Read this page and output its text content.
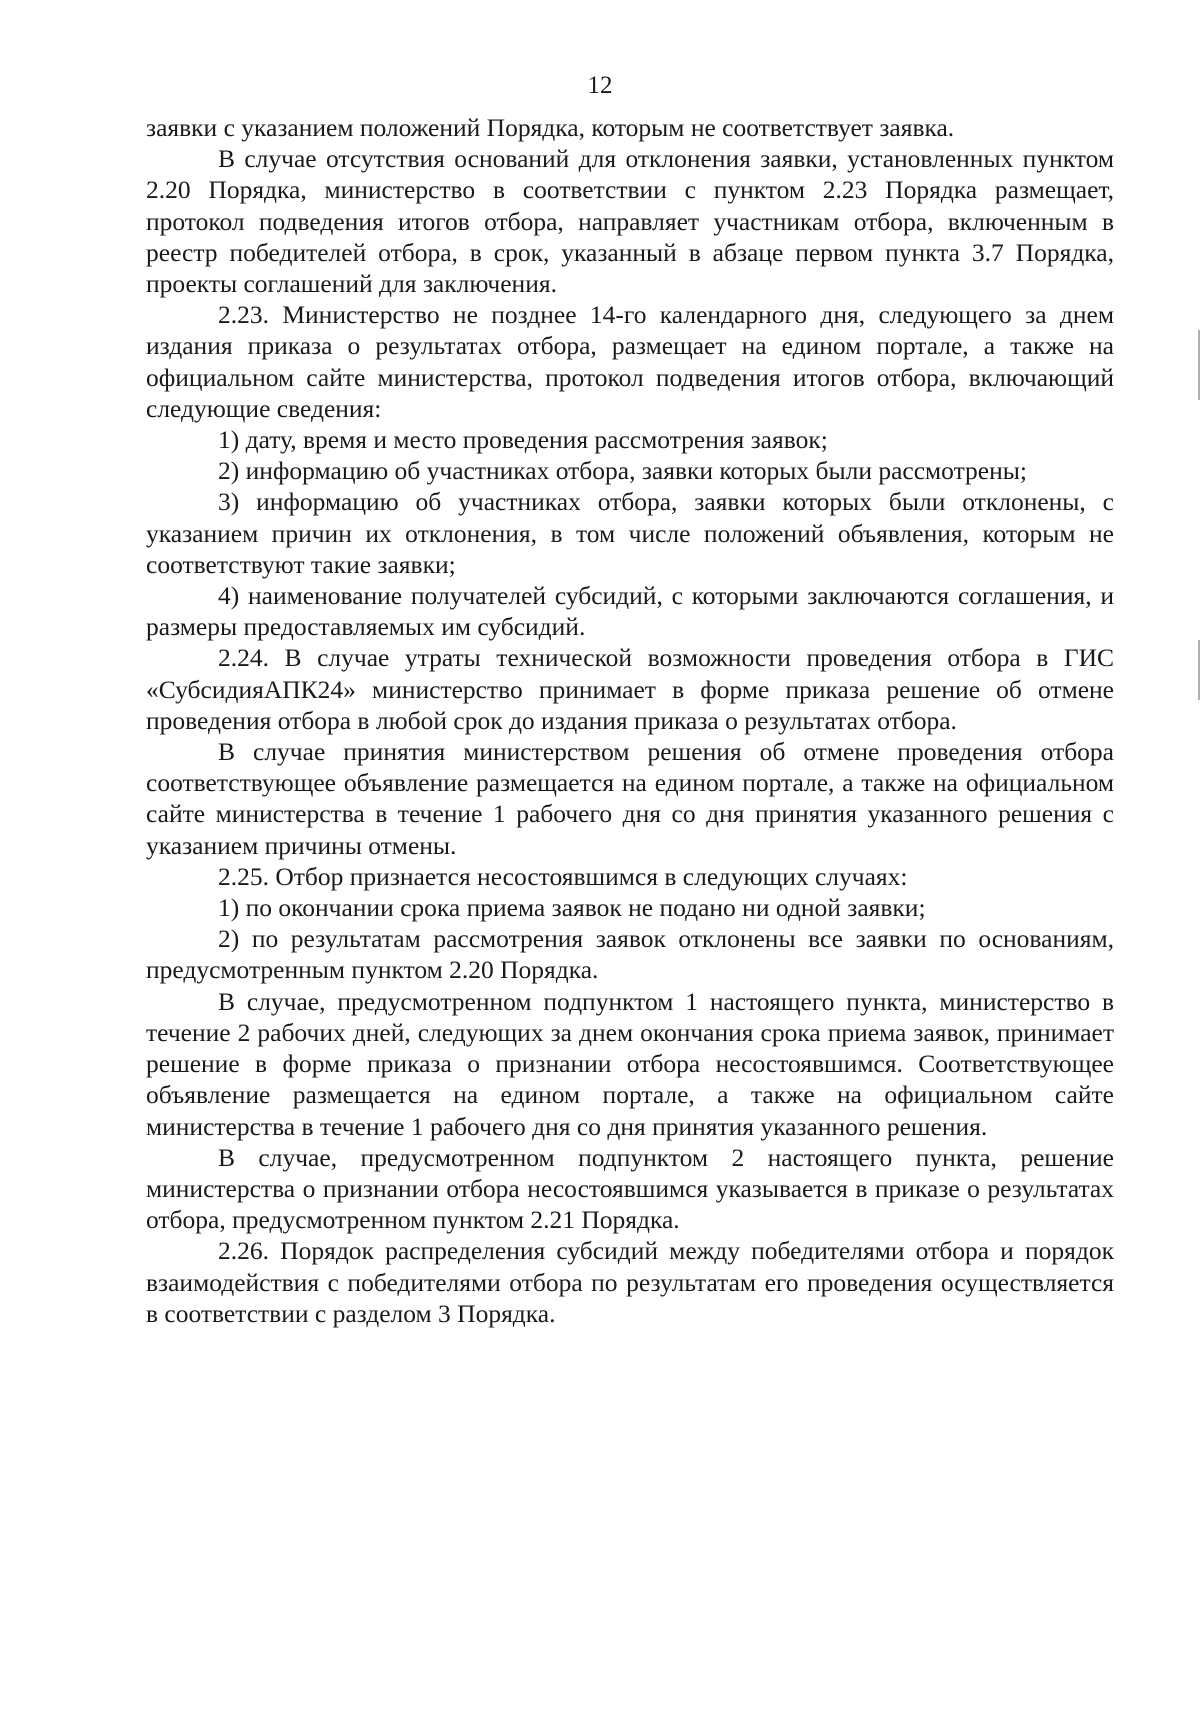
12

заявки с указанием положений Порядка, которым не соответствует заявка.

В случае отсутствия оснований для отклонения заявки, установленных пунктом 2.20 Порядка, министерство в соответствии с пунктом 2.23 Порядка размещает, протокол подведения итогов отбора, направляет участникам отбора, включенным в реестр победителей отбора, в срок, указанный в абзаце первом пункта 3.7 Порядка, проекты соглашений для заключения.

2.23. Министерство не позднее 14-го календарного дня, следующего за днем издания приказа о результатах отбора, размещает на едином портале, а также на официальном сайте министерства, протокол подведения итогов отбора, включающий следующие сведения:

1) дату, время и место проведения рассмотрения заявок;

2) информацию об участниках отбора, заявки которых были рассмотрены;

3) информацию об участниках отбора, заявки которых были отклонены, с указанием причин их отклонения, в том числе положений объявления, которым не соответствуют такие заявки;

4) наименование получателей субсидий, с которыми заключаются соглашения, и размеры предоставляемых им субсидий.

2.24. В случае утраты технической возможности проведения отбора в ГИС «СубсидияАПК24» министерство принимает в форме приказа решение об отмене проведения отбора в любой срок до издания приказа о результатах отбора.

В случае принятия министерством решения об отмене проведения отбора соответствующее объявление размещается на едином портале, а также на официальном сайте министерства в течение 1 рабочего дня со дня принятия указанного решения с указанием причины отмены.

2.25. Отбор признается несостоявшимся в следующих случаях:

1) по окончании срока приема заявок не подано ни одной заявки;

2) по результатам рассмотрения заявок отклонены все заявки по основаниям, предусмотренным пунктом 2.20 Порядка.

В случае, предусмотренном подпунктом 1 настоящего пункта, министерство в течение 2 рабочих дней, следующих за днем окончания срока приема заявок, принимает решение в форме приказа о признании отбора несостоявшимся. Соответствующее объявление размещается на едином портале, а также на официальном сайте министерства в течение 1 рабочего дня со дня принятия указанного решения.

В случае, предусмотренном подпунктом 2 настоящего пункта, решение министерства о признании отбора несостоявшимся указывается в приказе о результатах отбора, предусмотренном пунктом 2.21 Порядка.

2.26. Порядок распределения субсидий между победителями отбора и порядок взаимодействия с победителями отбора по результатам его проведения осуществляется в соответствии с разделом 3 Порядка.
